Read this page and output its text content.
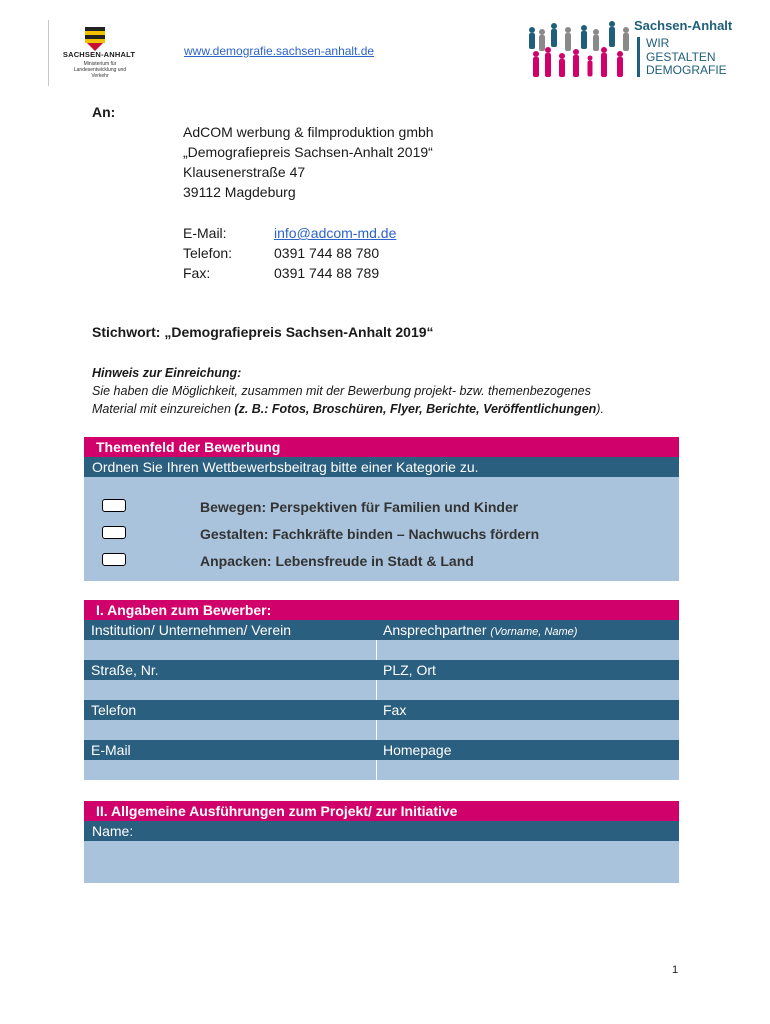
SACHSEN-ANHALT
Ministerium für Landesentwicklung und Verkehr
www.demografie.sachsen-anhalt.de
Sachsen-Anhalt
WIR
GESTALTEN
DEMOGRAFIE
An:
AdCOM werbung & filmproduktion gmbh
„Demografiepreis Sachsen-Anhalt 2019“
Klausenerstraße 47
39112 Magdeburg
E-Mail:	info@adcom-md.de
Telefon:	0391 744 88 780
Fax:	0391 744 88 789
Stichwort: „Demografiepreis Sachsen-Anhalt 2019“
Hinweis zur Einreichung:
Sie haben die Möglichkeit, zusammen mit der Bewerbung projekt- bzw. themenbezogenes
Material mit einzureichen (z. B.: Fotos, Broschüren, Flyer, Berichte, Veröffentlichungen).
Themenfeld der Bewerbung
Ordnen Sie Ihren Wettbewerbsbeitrag bitte einer Kategorie zu.
Bewegen: Perspektiven für Familien und Kinder
Gestalten: Fachkräfte binden – Nachwuchs fördern
Anpacken: Lebensfreude in Stadt & Land
I. Angaben zum Bewerber:
Institution/ Unternehmen/ Verein	Ansprechpartner (Vorname, Name)
Straße, Nr.	PLZ, Ort
Telefon	Fax
E-Mail	Homepage
II. Allgemeine Ausführungen zum Projekt/ zur Initiative
Name:
1
